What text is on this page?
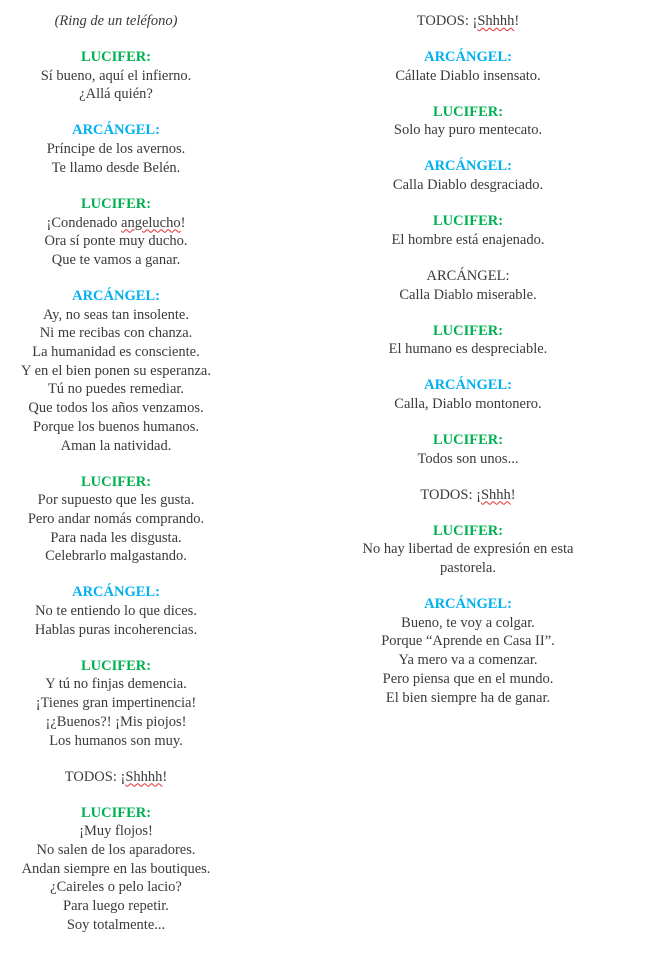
(Ring de un teléfono)
LUCIFER:
Sí bueno, aquí el infierno.
¿Allá quién?
ARCÁNGEL:
Príncipe de los avernos.
Te llamo desde Belén.
LUCIFER:
¡Condenado angelucho!
Ora sí ponte muy ducho.
Que te vamos a ganar.
ARCÁNGEL:
Ay, no seas tan insolente.
Ni me recibas con chanza.
La humanidad es consciente.
Y en el bien ponen su esperanza.
Tú no puedes remediar.
Que todos los años venzamos.
Porque los buenos humanos.
Aman la natividad.
LUCIFER:
Por supuesto que les gusta.
Pero andar nomás comprando.
Para nada les disgusta.
Celebrarlo malgastando.
ARCÁNGEL:
No te entiendo lo que dices.
Hablas puras incoherencias.
LUCIFER:
Y tú no finjas demencia.
¡Tienes gran impertinencia!
¡¿Buenos?! ¡Mis piojos!
Los humanos son muy.
TODOS: ¡Shhhh!
LUCIFER:
¡Muy flojos!
No salen de los aparadores.
Andan siempre en las boutiques.
¿Caireles o pelo lacio?
Para luego repetir.
Soy totalmente...
TODOS: ¡Shhhh!
ARCÁNGEL:
Cállate Diablo insensato.
LUCIFER:
Solo hay puro mentecato.
ARCÁNGEL:
Calla Diablo desgraciado.
LUCIFER:
El hombre está enajenado.
ARCÁNGEL:
Calla Diablo miserable.
LUCIFER:
El humano es despreciable.
ARCÁNGEL:
Calla, Diablo montonero.
LUCIFER:
Todos son unos...
TODOS: ¡Shhh!
LUCIFER:
No hay libertad de expresión en esta
pastorela.
ARCÁNGEL:
Bueno, te voy a colgar.
Porque “Aprende en Casa II”.
Ya mero va a comenzar.
Pero piensa que en el mundo.
El bien siempre ha de ganar.
